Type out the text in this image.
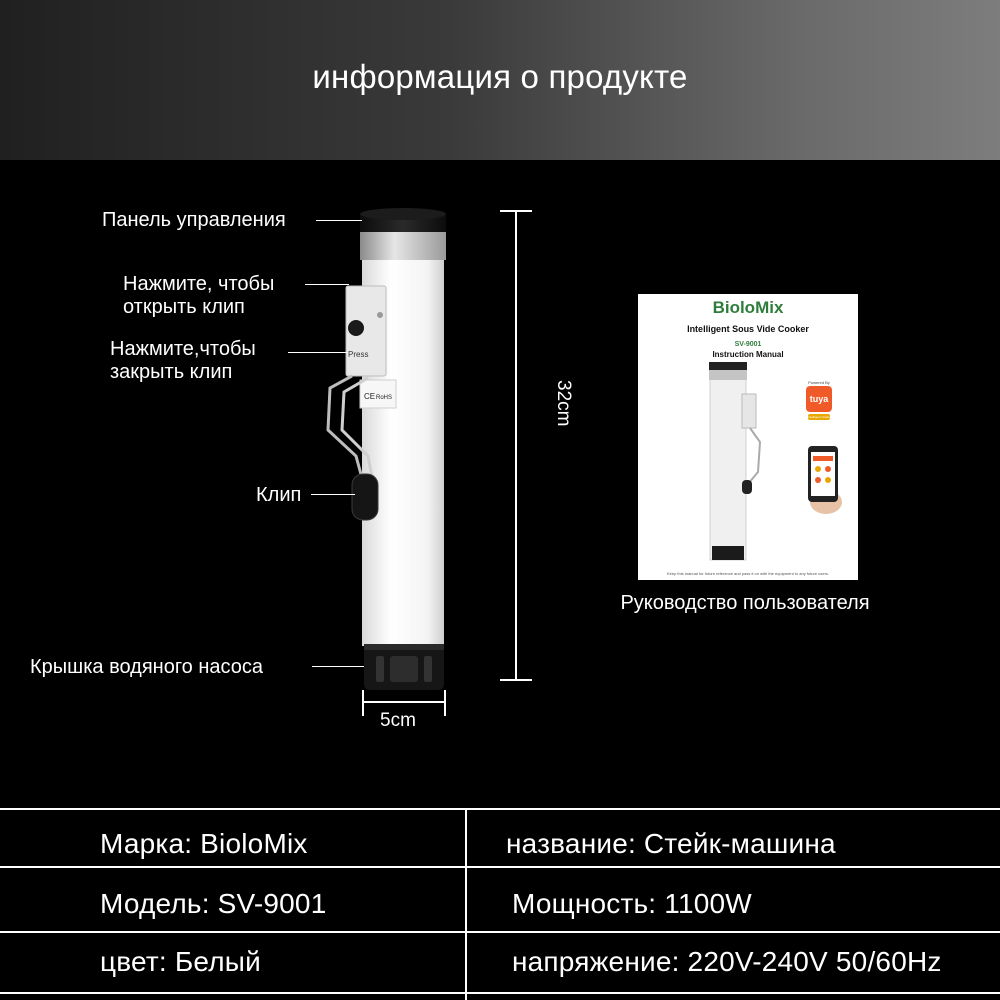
информация о продукте
Press
CE RoHS
Панель управления
Нажмите, чтобы
открыть клип
Нажмите,чтобы
закрыть клип
Клип
Крышка водяного насоса
32cm
5cm
BioloMix
Intelligent Sous Vide Cooker
SV-9001
Instruction Manual
Powered By
tuya
Intelligent Grade
Keep this manual for future reference and pass it on with the equipment to any future users.
Руководство пользователя
Марка: BioloMix	название: Стейк-машина
Модель: SV-9001	Мощность: 1100W
цвет: Белый	напряжение: 220V-240V 50/60Hz
